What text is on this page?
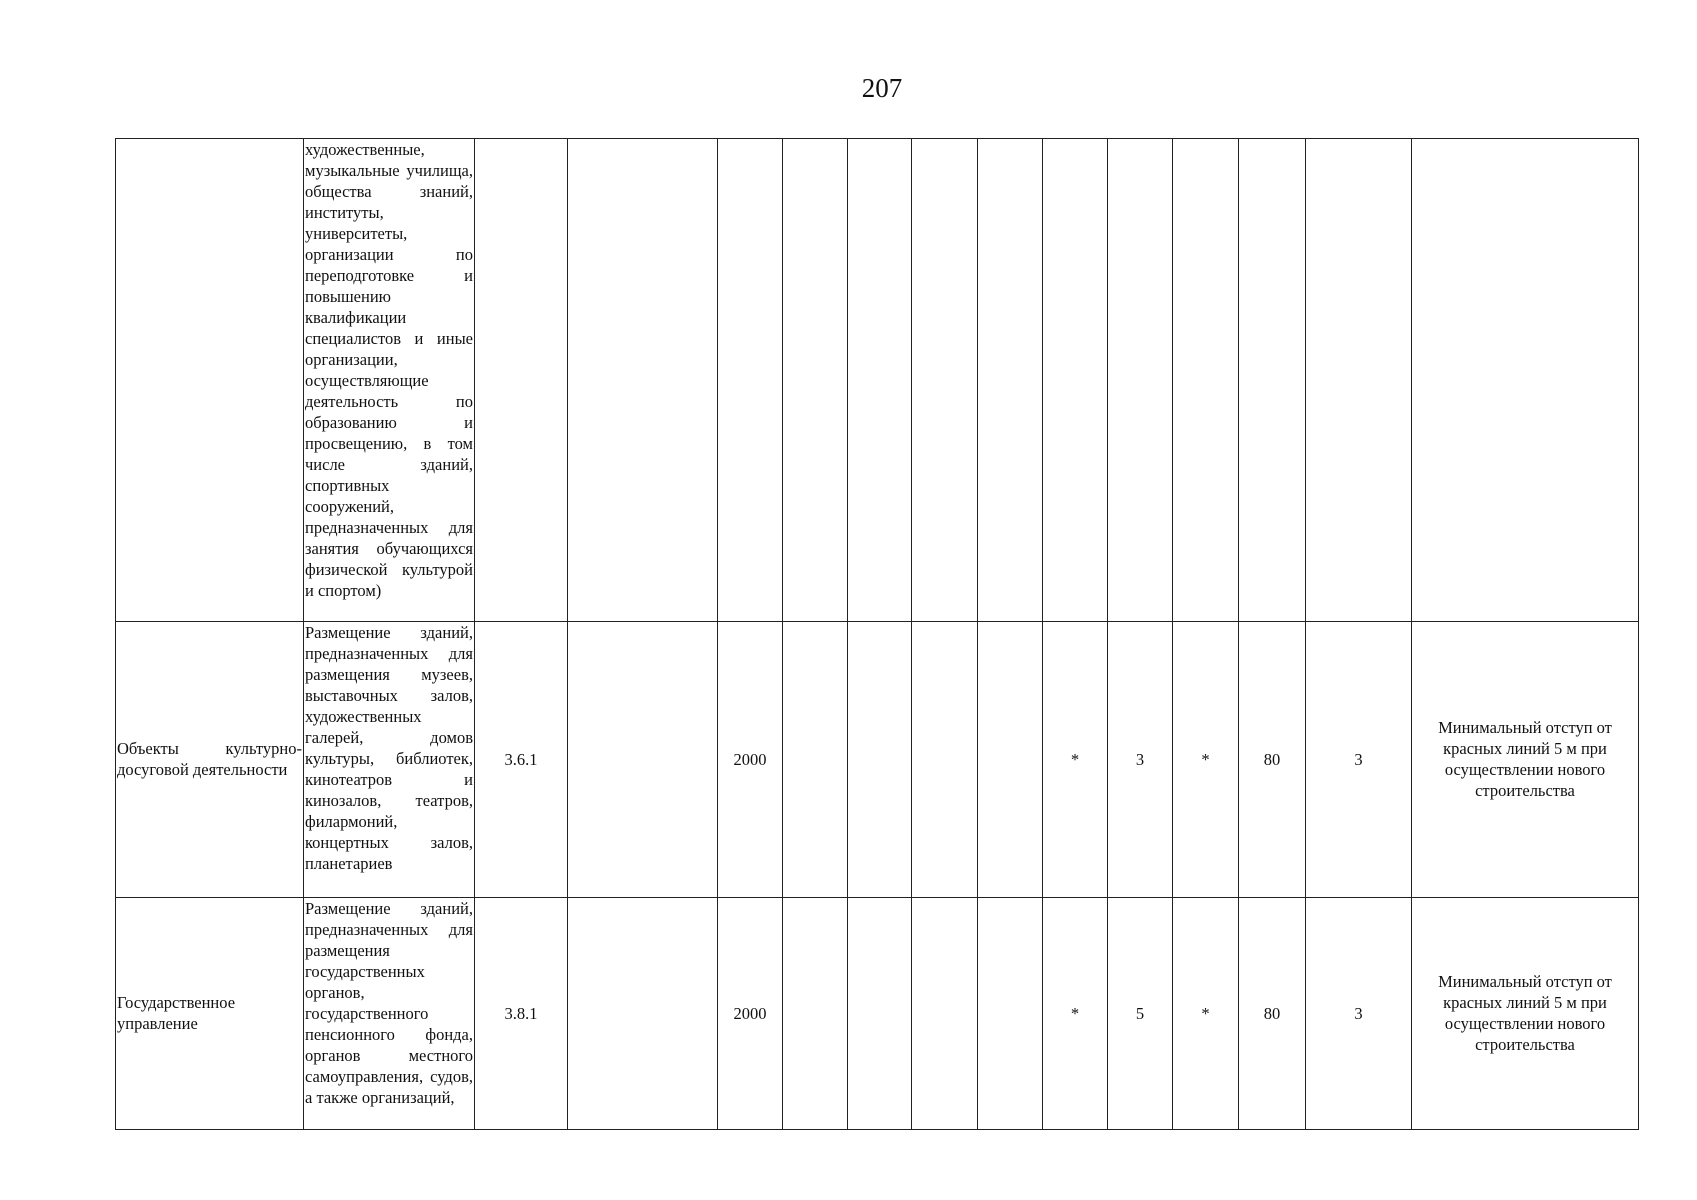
207
	художественные, музыкальные училища, общества знаний, институты, университеты, организации по переподготовке и повышению квалификации специалистов и иные организации, осуществляющие деятельность по образованию и просвещению, в том числе зданий, спортивных сооружений, предназначенных для занятия обучающихся физической культурой и спортом)													
Объекты культурно-досуговой деятельности	Размещение зданий, предназначенных для размещения музеев, выставочных залов, художественных галерей, домов культуры, библиотек, кинотеатров и кинозалов, театров, филармоний, концертных залов, планетариев	3.6.1		2000					*	3	*	80	3	Минимальный отступ от красных линий 5 м при осуществлении нового строительства
Государственное управление	Размещение зданий, предназначенных для размещения государственных органов, государственного пенсионного фонда, органов местного самоуправления, судов, а также организаций,	3.8.1		2000					*	5	*	80	3	Минимальный отступ от красных линий 5 м при осуществлении нового строительства
